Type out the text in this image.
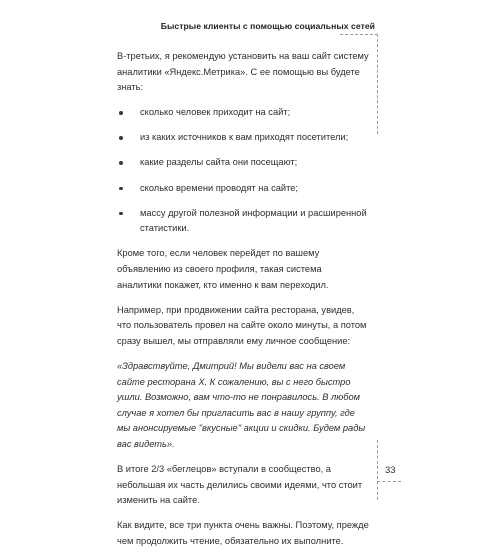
Быстрые клиенты с помощью социальных сетей

В-третьих, я рекомендую установить на ваш сайт систему аналитики «Яндекс.Метрика». С ее помощью вы будете знать:

сколько человек приходит на сайт;
из каких источников к вам приходят посетители;
какие разделы сайта они посещают;
сколько времени проводят на сайте;
массу другой полезной информации и расширенной статистики.

Кроме того, если человек перейдет по вашему объявлению из своего профиля, такая система аналитики покажет, кто именно к вам переходил.

Например, при продвижении сайта ресторана, увидев, что пользователь провел на сайте около минуты, а потом сразу вышел, мы отправляли ему личное сообщение:

«Здравствуйте, Дмитрий! Мы видели вас на своем сайте ресторана Х. К сожалению, вы с него быстро ушли. Возможно, вам что-то не понравилось. В любом случае я хотел бы пригласить вас в нашу группу, где мы анонсируемые "вкусные" акции и скидки. Будем рады вас видеть».

В итоге 2/3 «беглецов» вступали в сообщество, а небольшая их часть делились своими идеями, что стоит изменить на сайте.

Как видите, все три пункта очень важны. Поэтому, прежде чем продолжить чтение, обязательно их выполните.

33
